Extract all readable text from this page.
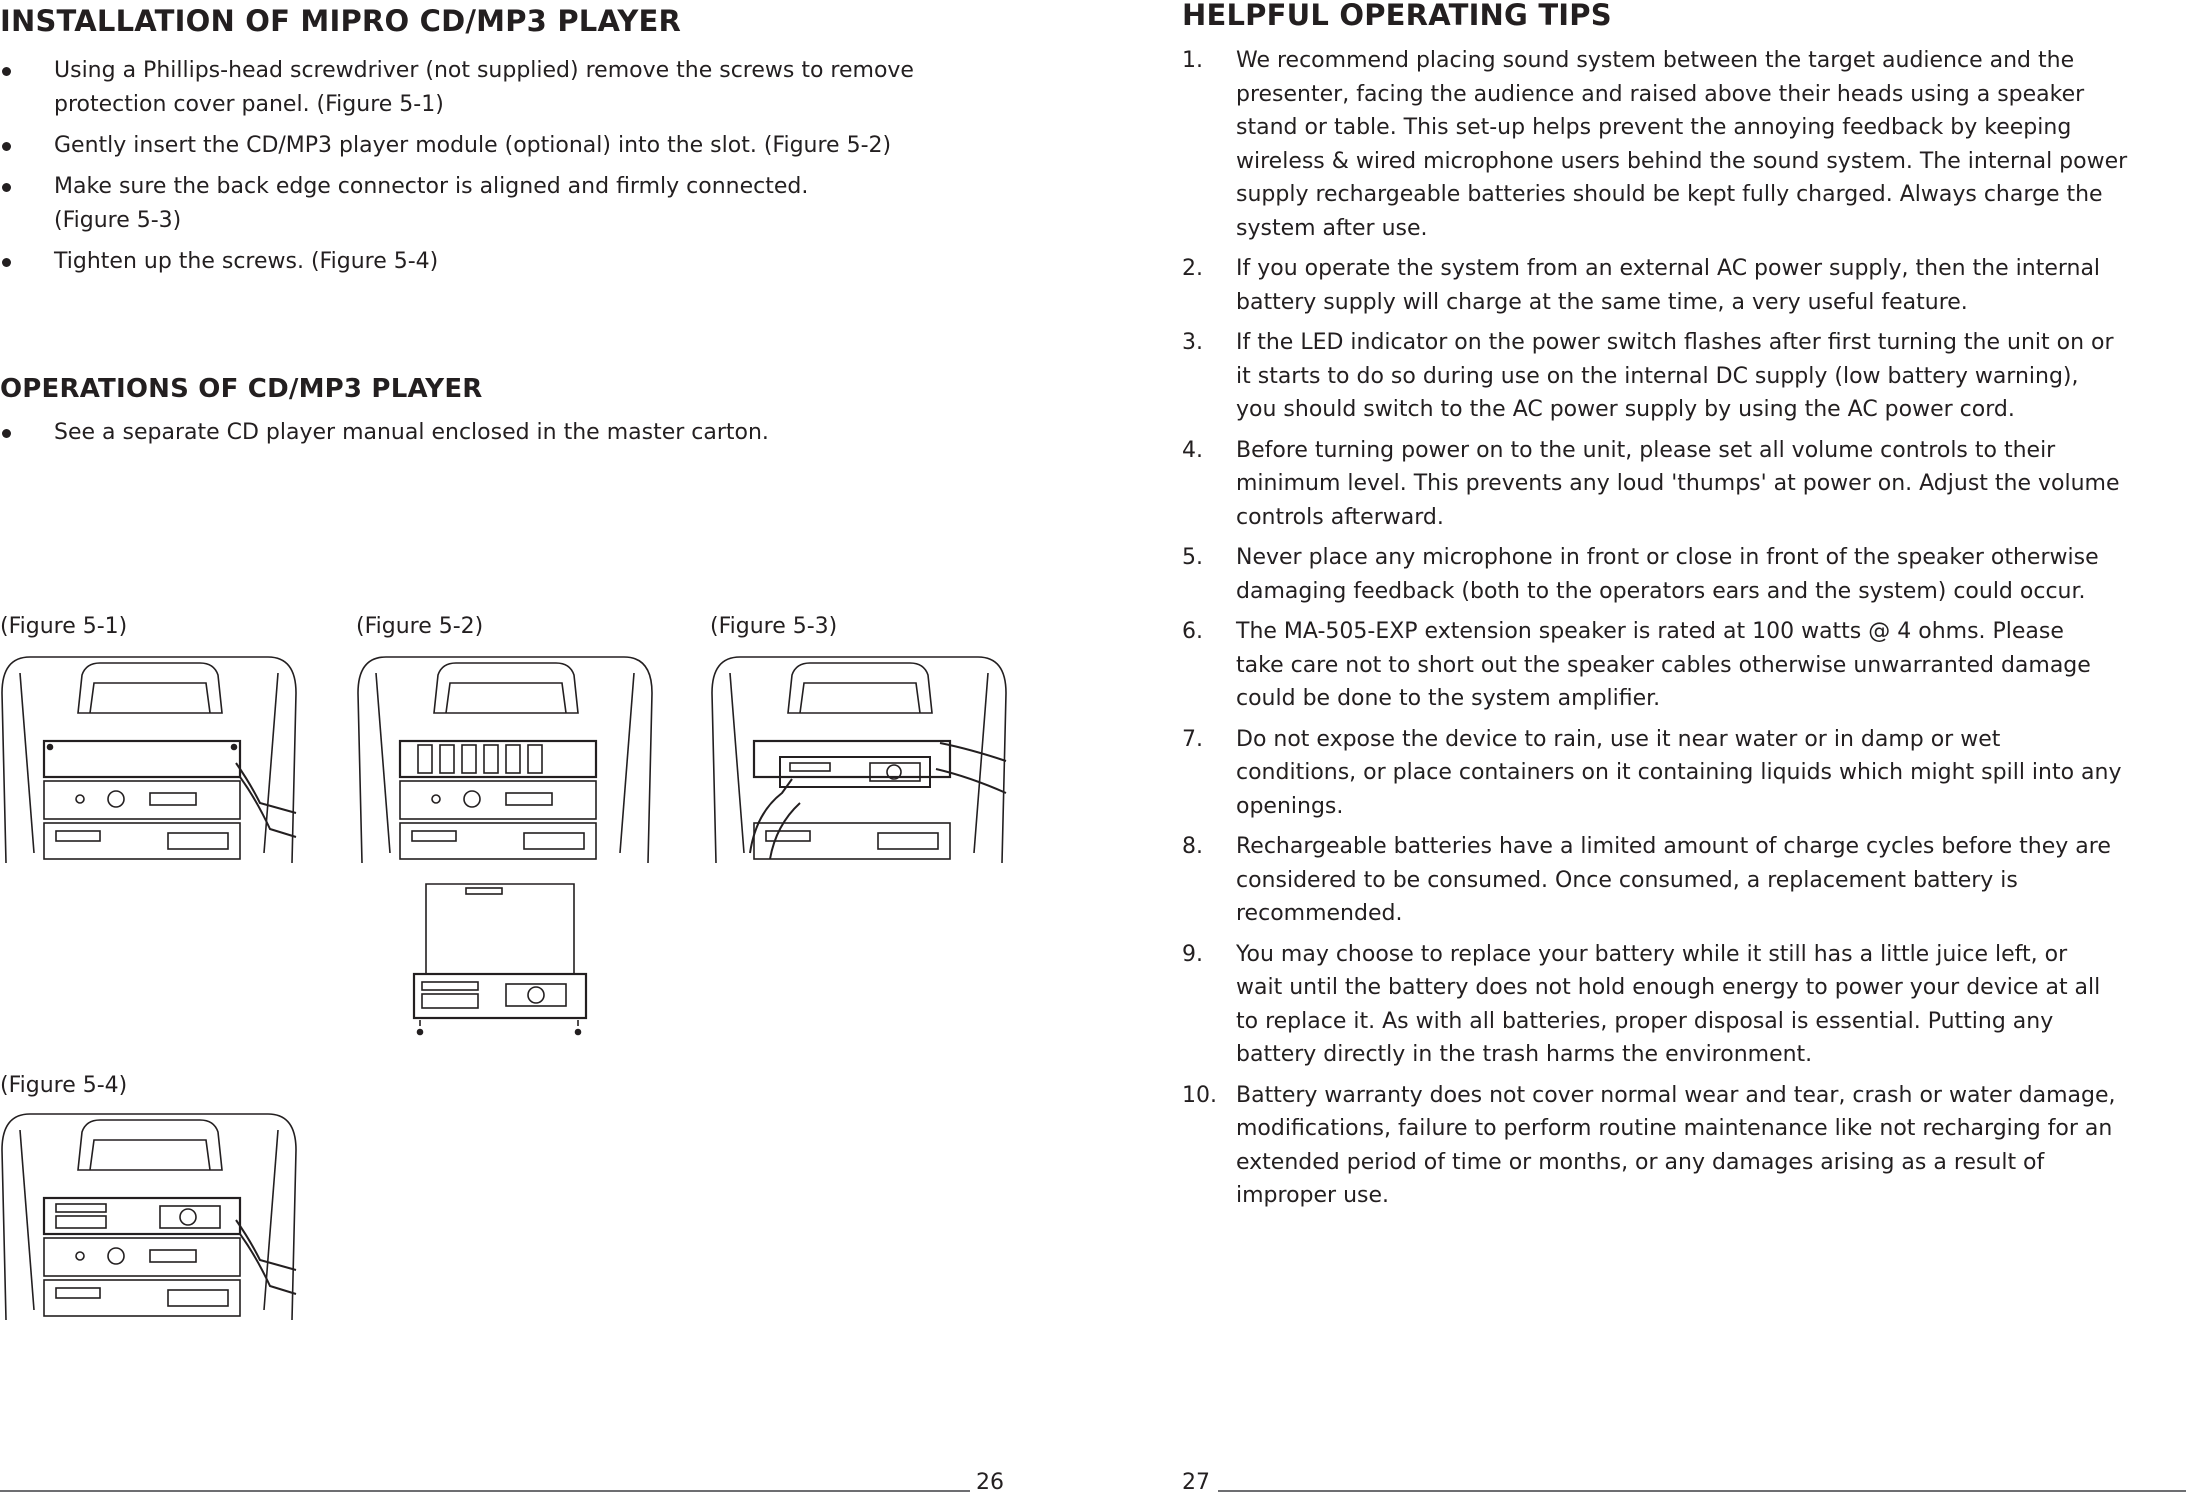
INSTALLATION OF MIPRO CD/MP3 PLAYER
Using a Phillips-head screwdriver (not supplied) remove the screws to remove
protection cover panel. (Figure 5-1)
Gently insert the CD/MP3 player module (optional) into the slot. (Figure 5-2)
Make sure the back edge connector is aligned and firmly connected.
(Figure 5-3)
Tighten up the screws. (Figure 5-4)
OPERATIONS OF CD/MP3 PLAYER
See a separate CD player manual enclosed in the master carton.
(Figure 5-1)	(Figure 5-2)	(Figure 5-3)
(Figure 5-4)
26
HELPFUL OPERATING TIPS
1. We recommend placing sound system between the target audience and the
presenter, facing the audience and raised above their heads using a speaker
stand or table. This set-up helps prevent the annoying feedback by keeping
wireless & wired microphone users behind the sound system. The internal power
supply rechargeable batteries should be kept fully charged. Always charge the
system after use.
2. If you operate the system from an external AC power supply, then the internal
battery supply will charge at the same time, a very useful feature.
3. If the LED indicator on the power switch flashes after first turning the unit on or
it starts to do so during use on the internal DC supply (low battery warning),
you should switch to the AC power supply by using the AC power cord.
4. Before turning power on to the unit, please set all volume controls to their
minimum level. This prevents any loud 'thumps' at power on. Adjust the volume
controls afterward.
5. Never place any microphone in front or close in front of the speaker otherwise
damaging feedback (both to the operators ears and the system) could occur.
6. The MA-505-EXP extension speaker is rated at 100 watts @ 4 ohms. Please
take care not to short out the speaker cables otherwise unwarranted damage
could be done to the system amplifier.
7. Do not expose the device to rain, use it near water or in damp or wet
conditions, or place containers on it containing liquids which might spill into any
openings.
8. Rechargeable batteries have a limited amount of charge cycles before they are
considered to be consumed. Once consumed, a replacement battery is
recommended.
9. You may choose to replace your battery while it still has a little juice left, or
wait until the battery does not hold enough energy to power your device at all
to replace it. As with all batteries, proper disposal is essential. Putting any
battery directly in the trash harms the environment.
10. Battery warranty does not cover normal wear and tear, crash or water damage,
modifications, failure to perform routine maintenance like not recharging for an
extended period of time or months, or any damages arising as a result of
improper use.
27
